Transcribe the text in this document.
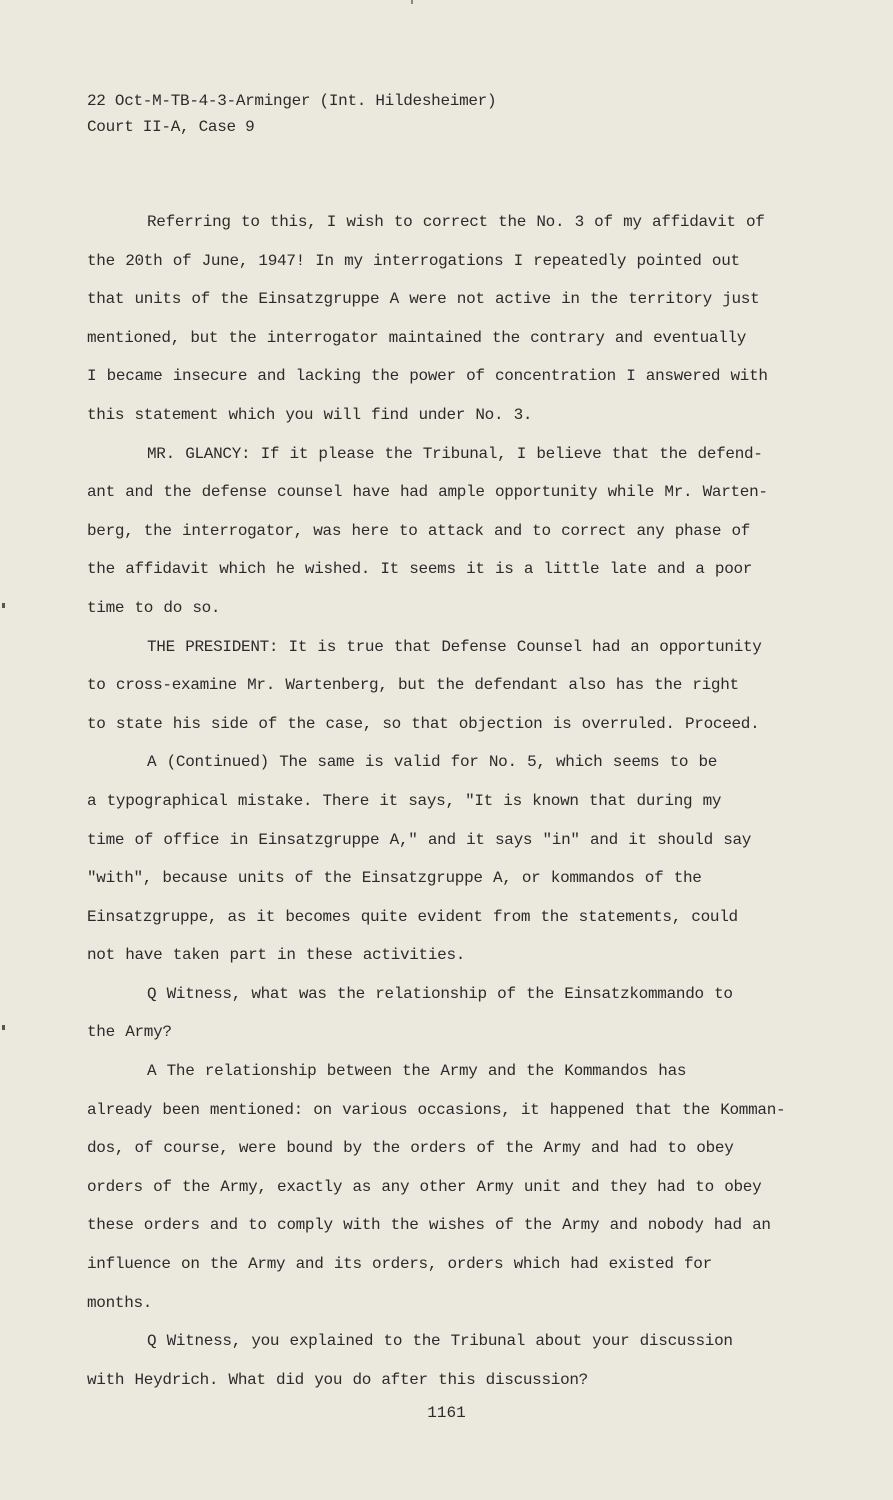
22 Oct-M-TB-4-3-Arminger (Int. Hildesheimer)
Court II-A, Case 9
Referring to this, I wish to correct the No. 3 of my affidavit of
the 20th of June, 1947! In my interrogations I repeatedly pointed out
that units of the Einsatzgruppe A were not active in the territory just
mentioned, but the interrogator maintained the contrary and eventually
I became insecure and lacking the power of concentration I answered with
this statement which you will find under No. 3.
MR. GLANCY: If it please the Tribunal, I believe that the defend-
ant and the defense counsel have had ample opportunity while Mr. Warten-
berg, the interrogator, was here to attack and to correct any phase of
the affidavit which he wished. It seems it is a little late and a poor
time to do so.
THE PRESIDENT: It is true that Defense Counsel had an opportunity
to cross-examine Mr. Wartenberg, but the defendant also has the right
to state his side of the case, so that objection is overruled. Proceed.
A (Continued) The same is valid for No. 5, which seems to be
a typographical mistake. There it says, "It is known that during my
time of office in Einsatzgruppe A," and it says "in" and it should say
"with", because units of the Einsatzgruppe A, or kommandos of the
Einsatzgruppe, as it becomes quite evident from the statements, could
not have taken part in these activities.
Q Witness, what was the relationship of the Einsatzkommando to
the Army?
A The relationship between the Army and the Kommandos has
already been mentioned: on various occasions, it happened that the Komman-
dos, of course, were bound by the orders of the Army and had to obey
orders of the Army, exactly as any other Army unit and they had to obey
these orders and to comply with the wishes of the Army and nobody had an
influence on the Army and its orders, orders which had existed for
months.
Q Witness, you explained to the Tribunal about your discussion
with Heydrich. What did you do after this discussion?
1161
